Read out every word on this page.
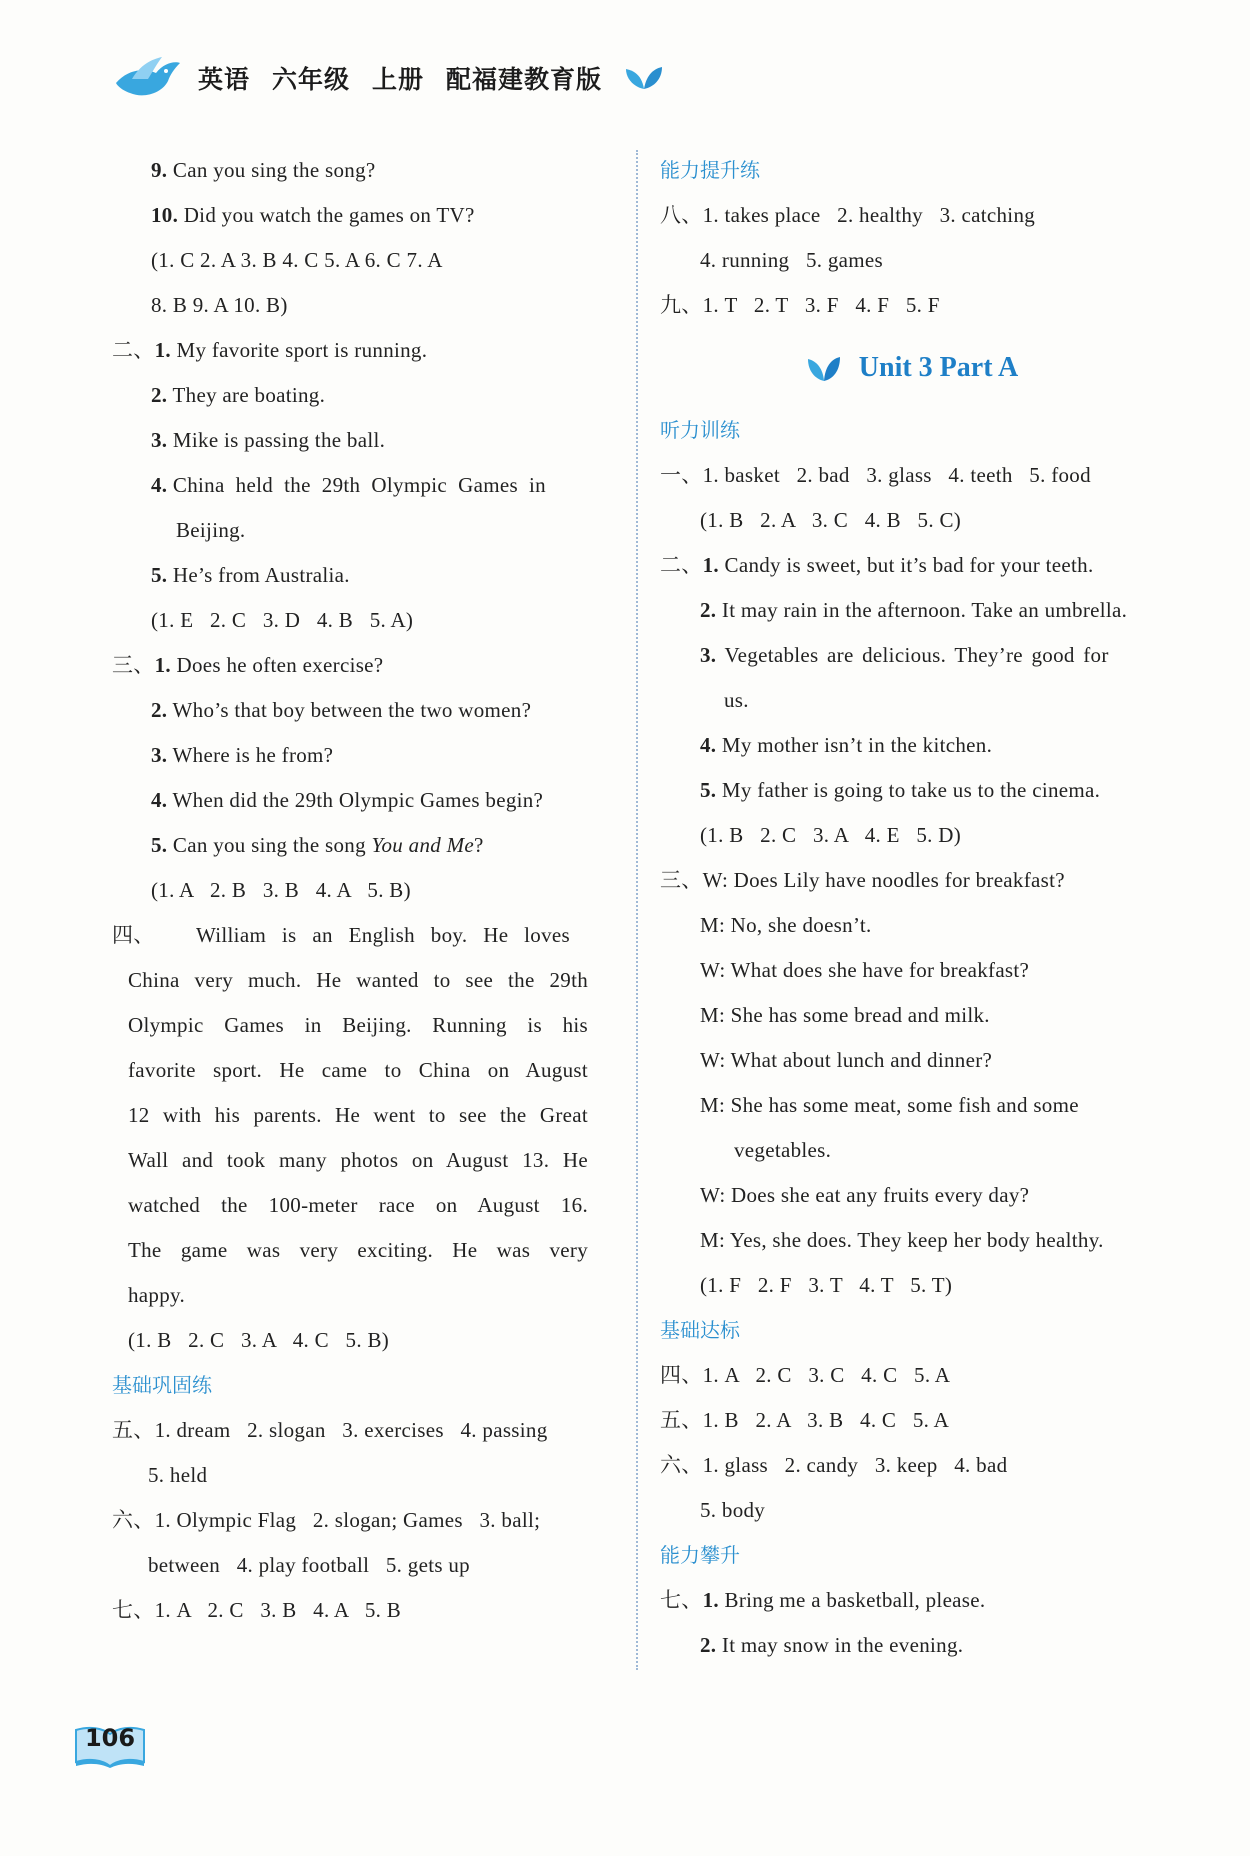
英语 六年级 上册 配福建教育版
9. Can you sing the song?
10. Did you watch the games on TV?
(1. C 2. A 3. B 4. C 5. A 6. C 7. A
8. B 9. A 10. B)
二、1. My favorite sport is running.
2. They are boating.
3. Mike is passing the ball.
4. China  held  the  29th  Olympic  Games  in
Beijing.
5. He’s from Australia.
(1. E   2. C   3. D   4. B   5. A)
三、1. Does he often exercise?
2. Who’s that boy between the two women?
3. Where is he from?
4. When did the 29th Olympic Games begin?
5. Can you sing the song You and Me?
(1. A   2. B   3. B   4. A   5. B)
四、	William is an English boy. He loves
China very much. He wanted to see the 29th
Olympic Games in Beijing. Running is his
favorite sport. He came to China on August
12 with his parents. He went to see the Great
Wall and took many photos on August 13. He
watched the 100-meter race on August 16.
The game was very exciting. He was very
happy.
(1. B   2. C   3. A   4. C   5. B)
基础巩固练
五、1. dream   2. slogan   3. exercises   4. passing
5. held
六、1. Olympic Flag   2. slogan; Games   3. ball;
between   4. play football   5. gets up
七、1. A   2. C   3. B   4. A   5. B
能力提升练
八、1. takes place   2. healthy   3. catching
4. running   5. games
九、1. T   2. T   3. F   4. F   5. F
Unit 3 Part A
听力训练
一、1. basket   2. bad   3. glass   4. teeth   5. food
(1. B   2. A   3. C   4. B   5. C)
二、1. Candy is sweet, but it’s bad for your teeth.
2. It may rain in the afternoon. Take an umbrella.
3. Vegetables are delicious. They’re good for
us.
4. My mother isn’t in the kitchen.
5. My father is going to take us to the cinema.
(1. B   2. C   3. A   4. E   5. D)
三、W: Does Lily have noodles for breakfast?
M: No, she doesn’t.
W: What does she have for breakfast?
M: She has some bread and milk.
W: What about lunch and dinner?
M: She has some meat, some fish and some
vegetables.
W: Does she eat any fruits every day?
M: Yes, she does. They keep her body healthy.
(1. F   2. F   3. T   4. T   5. T)
基础达标
四、1. A   2. C   3. C   4. C   5. A
五、1. B   2. A   3. B   4. C   5. A
六、1. glass   2. candy   3. keep   4. bad
5. body
能力攀升
七、1. Bring me a basketball, please.
2. It may snow in the evening.
106
